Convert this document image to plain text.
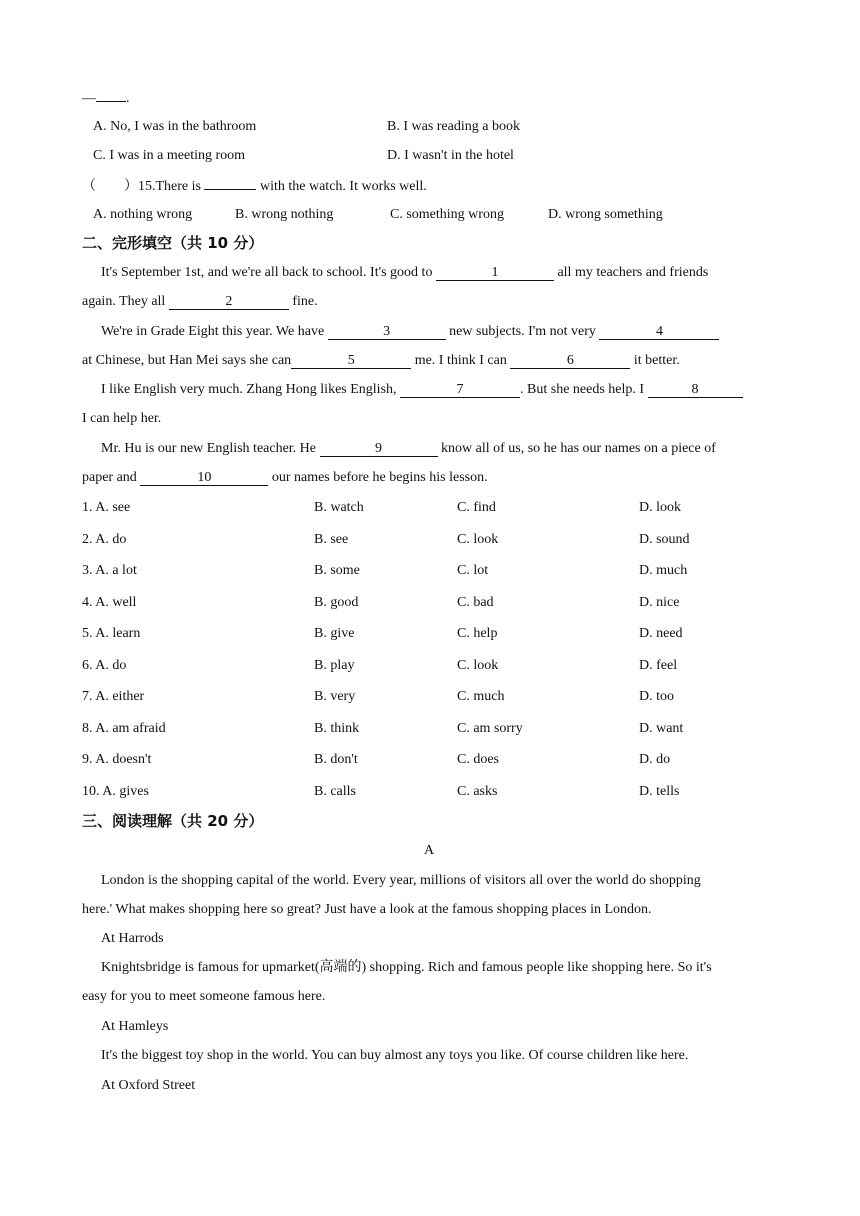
— .
A. No, I was in the bathroom	B. I was reading a book
C. I was in a meeting room	D. I wasn't in the hotel
（　　）15.There is	with the watch. It works well.
A. nothing wrong	B. wrong nothing	C. something wrong	D. wrong something
二、完形填空（共 10 分）
It's September 1st, and we're all back to school. It's good to	1	all my teachers and friends
again. They all	2	fine.
We're in Grade Eight this year. We have	3	new subjects. I'm not very	4
at Chinese, but Han Mei says she can	5	me. I think I can	6	it better.
I like English very much. Zhang Hong likes English,	7	. But she needs help. I	8
I can help her.
Mr. Hu is our new English teacher. He	9	know all of us, so he has our names on a piece of
paper and	10	our names before he begins his lesson.
1. A. see	B. watch	C. find	D. look
2. A. do	B. see	C. look	D. sound
3. A. a lot	B. some	C. lot	D. much
4. A. well	B. good	C. bad	D. nice
5. A. learn	B. give	C. help	D. need
6. A. do	B. play	C. look	D. feel
7. A. either	B. very	C. much	D. too
8. A. am afraid	B. think	C. am sorry	D. want
9. A. doesn't	B. don't	C. does	D. do
10. A. gives	B. calls	C. asks	D. tells
三、阅读理解（共 20 分）
A
London is the shopping capital of the world. Every year, millions of visitors all over the world do shopping
here.' What makes shopping here so great? Just have a look at the famous shopping places in London.
At Harrods
Knightsbridge is famous for upmarket(高端的) shopping. Rich and famous people like shopping here. So it's
easy for you to meet someone famous here.
At Hamleys
It's the biggest toy shop in the world. You can buy almost any toys you like. Of course children like here.
At Oxford Street
